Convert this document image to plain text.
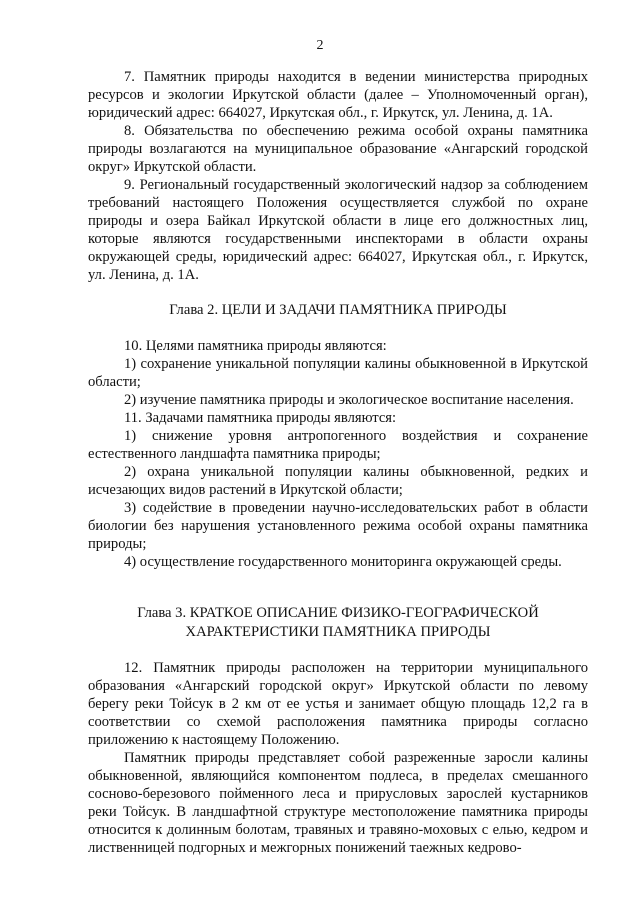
2

7. Памятник природы находится в ведении министерства природных ресурсов и экологии Иркутской области (далее – Уполномоченный орган), юридический адрес: 664027, Иркутская обл., г. Иркутск, ул. Ленина, д. 1А.

8. Обязательства по обеспечению режима особой охраны памятника природы возлагаются на муниципальное образование «Ангарский городской округ» Иркутской области.

9. Региональный государственный экологический надзор за соблюдением требований настоящего Положения осуществляется службой по охране природы и озера Байкал Иркутской области в лице его должностных лиц, которые являются государственными инспекторами в области охраны окружающей среды, юридический адрес: 664027, Иркутская обл., г. Иркутск, ул. Ленина, д. 1А.

Глава 2. ЦЕЛИ И ЗАДАЧИ ПАМЯТНИКА ПРИРОДЫ

10. Целями памятника природы являются:

1) сохранение уникальной популяции калины обыкновенной в Иркутской области;

2) изучение памятника природы и экологическое воспитание населения.

11. Задачами памятника природы являются:

1) снижение уровня антропогенного воздействия и сохранение естественного ландшафта памятника природы;

2) охрана уникальной популяции калины обыкновенной, редких и исчезающих видов растений в Иркутской области;

3) содействие в проведении научно-исследовательских работ в области биологии без нарушения установленного режима особой охраны памятника природы;

4) осуществление государственного мониторинга окружающей среды.

Глава 3. КРАТКОЕ ОПИСАНИЕ ФИЗИКО-ГЕОГРАФИЧЕСКОЙ

ХАРАКТЕРИСТИКИ ПАМЯТНИКА ПРИРОДЫ

12. Памятник природы расположен на территории муниципального образования «Ангарский городской округ» Иркутской области по левому берегу реки Тойсук в 2 км от ее устья и занимает общую площадь 12,2 га в соответствии со схемой расположения памятника природы согласно приложению к настоящему Положению.

Памятник природы представляет собой разреженные заросли калины обыкновенной, являющийся компонентом подлеса, в пределах смешанного сосново-березового пойменного леса и прирусловых зарослей кустарников реки Тойсук. В ландшафтной структуре местоположение памятника природы относится к долинным болотам, травяных и травяно-моховых с елью, кедром и лиственницей подгорных и межгорных понижений таежных кедрово-
